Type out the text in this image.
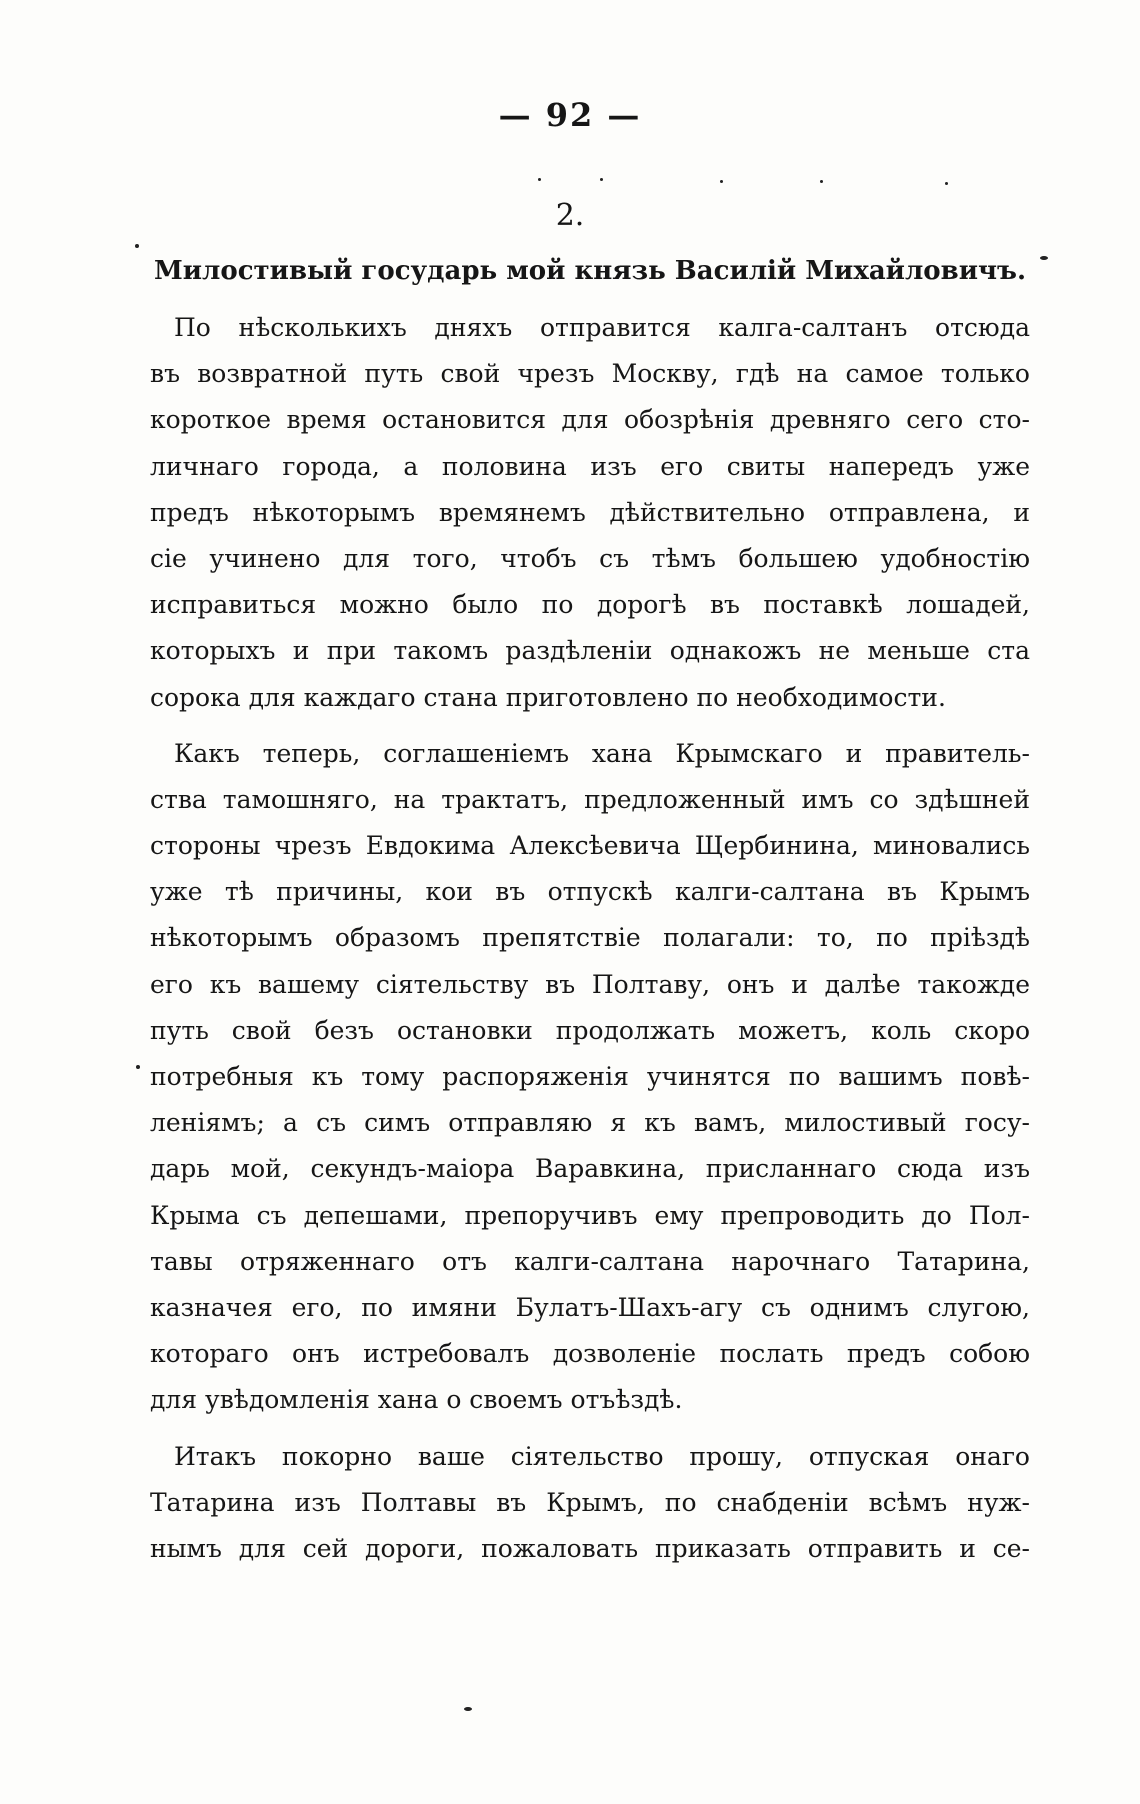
— 92 —
2.
Милостивый государь мой князь Василій Михайловичъ.
По нѣсколькихъ дняхъ отправится калга-салтанъ отсюда
въ возвратной путь свой чрезъ Москву, гдѣ на самое только
короткое время остановится для обозрѣнія древняго сего сто-
личнаго города, а половина изъ его свиты напередъ уже
предъ нѣкоторымъ времянемъ дѣйствительно отправлена, и
сіе учинено для того, чтобъ съ тѣмъ большею удобностію
исправиться можно было по дорогѣ въ поставкѣ лошадей,
которыхъ и при такомъ раздѣленіи однакожъ не меньше ста
сорока для каждаго стана приготовлено по необходимости.
Какъ теперь, соглашеніемъ хана Крымскаго и правитель-
ства тамошняго, на трактатъ, предложенный имъ со здѣшней
стороны чрезъ Евдокима Алексѣевича Щербинина, миновались
уже тѣ причины, кои въ отпускѣ калги-салтана въ Крымъ
нѣкоторымъ образомъ препятствіе полагали: то, по пріѣздѣ
его къ вашему сіятельству въ Полтаву, онъ и далѣе такожде
путь свой безъ остановки продолжать можетъ, коль скоро
потребныя къ тому распоряженія учинятся по вашимъ повѣ-
леніямъ; а съ симъ отправляю я къ вамъ, милостивый госу-
дарь мой, секундъ-маіора Варавкина, присланнаго сюда изъ
Крыма съ депешами, препоручивъ ему препроводить до Пол-
тавы отряженнаго отъ калги-салтана нарочнаго Татарина,
казначея его, по имяни Булатъ-Шахъ-агу съ однимъ слугою,
котораго онъ истребовалъ дозволеніе послать предъ собою
для увѣдомленія хана о своемъ отъѣздѣ.
Итакъ покорно ваше сіятельство прошу, отпуская онаго
Татарина изъ Полтавы въ Крымъ, по снабденіи всѣмъ нуж-
нымъ для сей дороги, пожаловать приказать отправить и се-
